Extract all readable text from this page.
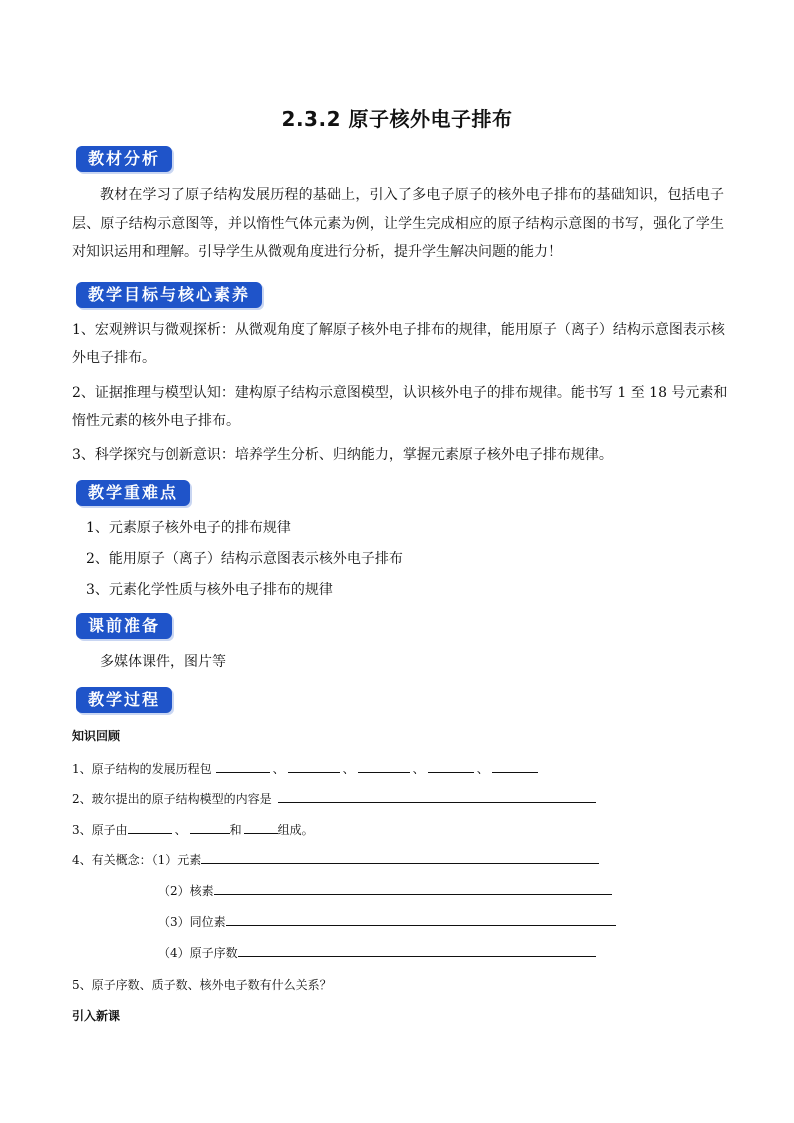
2.3.2 原子核外电子排布
教材分析
教材在学习了原子结构发展历程的基础上，引入了多电子原子的核外电子排布的基础知识，包括电子层、原子结构示意图等，并以惰性气体元素为例，让学生完成相应的原子结构示意图的书写，强化了学生对知识运用和理解。引导学生从微观角度进行分析，提升学生解决问题的能力！
教学目标与核心素养
1、宏观辨识与微观探析：从微观角度了解原子核外电子排布的规律，能用原子（离子）结构示意图表示核
外电子排布。
2、证据推理与模型认知：建构原子结构示意图模型，认识核外电子的排布规律。能书写 1 至 18 号元素和
惰性元素的核外电子排布。
3、科学探究与创新意识：培养学生分析、归纳能力，掌握元素原子核外电子排布规律。
教学重难点
1、元素原子核外电子的排布规律
2、能用原子（离子）结构示意图表示核外电子排布
3、元素化学性质与核外电子排布的规律
课前准备
多媒体课件，图片等
教学过程
知识回顾
1、原子结构的发展历程包	、	、	、	、
2、玻尔提出的原子结构模型的内容是
3、原子由	、	和	组成。
4、有关概念：（1）元素
（2）核素
（3）同位素
（4）原子序数
5、原子序数、质子数、核外电子数有什么关系？
引入新课
